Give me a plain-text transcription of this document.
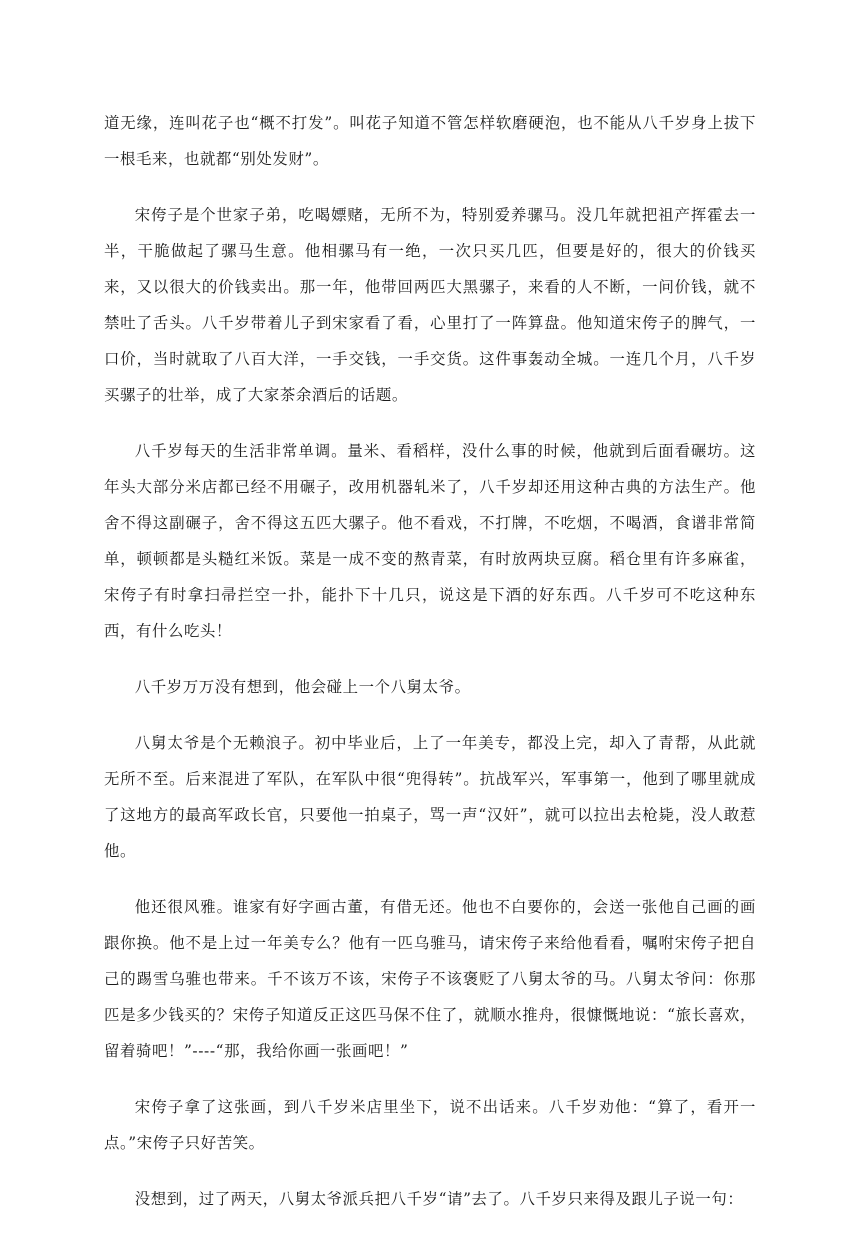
道无缘，连叫花子也“概不打发”。叫花子知道不管怎样软磨硬泡，也不能从八千岁身上拔下一根毛来，也就都“别处发财”。

宋侉子是个世家子弟，吃喝嫖赌，无所不为，特别爱养骡马。没几年就把祖产挥霍去一半，干脆做起了骡马生意。他相骡马有一绝，一次只买几匹，但要是好的，很大的价钱买来，又以很大的价钱卖出。那一年，他带回两匹大黑骡子，来看的人不断，一问价钱，就不禁吐了舌头。八千岁带着儿子到宋家看了看，心里打了一阵算盘。他知道宋侉子的脾气，一口价，当时就取了八百大洋，一手交钱，一手交货。这件事轰动全城。一连几个月，八千岁买骡子的壮举，成了大家茶余酒后的话题。

八千岁每天的生活非常单调。量米、看稻样，没什么事的时候，他就到后面看碾坊。这年头大部分米店都已经不用碾子，改用机器轧米了，八千岁却还用这种古典的方法生产。他舍不得这副碾子，舍不得这五匹大骡子。他不看戏，不打牌，不吃烟，不喝酒，食谱非常简单，顿顿都是头糙红米饭。菜是一成不变的熬青菜，有时放两块豆腐。稻仓里有许多麻雀，宋侉子有时拿扫帚拦空一扑，能扑下十几只，说这是下酒的好东西。八千岁可不吃这种东西，有什么吃头！

八千岁万万没有想到，他会碰上一个八舅太爷。

八舅太爷是个无赖浪子。初中毕业后，上了一年美专，都没上完，却入了青帮，从此就无所不至。后来混进了军队，在军队中很“兜得转”。抗战军兴，军事第一，他到了哪里就成了这地方的最高军政长官，只要他一拍桌子，骂一声“汉奸”，就可以拉出去枪毙，没人敢惹他。

他还很风雅。谁家有好字画古董，有借无还。他也不白要你的，会送一张他自己画的画跟你换。他不是上过一年美专么？他有一匹乌骓马，请宋侉子来给他看看，嘱咐宋侉子把自己的踢雪乌骓也带来。千不该万不该，宋侉子不该褒贬了八舅太爷的马。八舅太爷问：你那匹是多少钱买的？宋侉子知道反正这匹马保不住了，就顺水推舟，很慷慨地说：“旅长喜欢，留着骑吧！”----“那，我给你画一张画吧！”

宋侉子拿了这张画，到八千岁米店里坐下，说不出话来。八千岁劝他：“算了，看开一点。”宋侉子只好苦笑。

没想到，过了两天，八舅太爷派兵把八千岁“请”去了。八千岁只来得及跟儿子说一句：
